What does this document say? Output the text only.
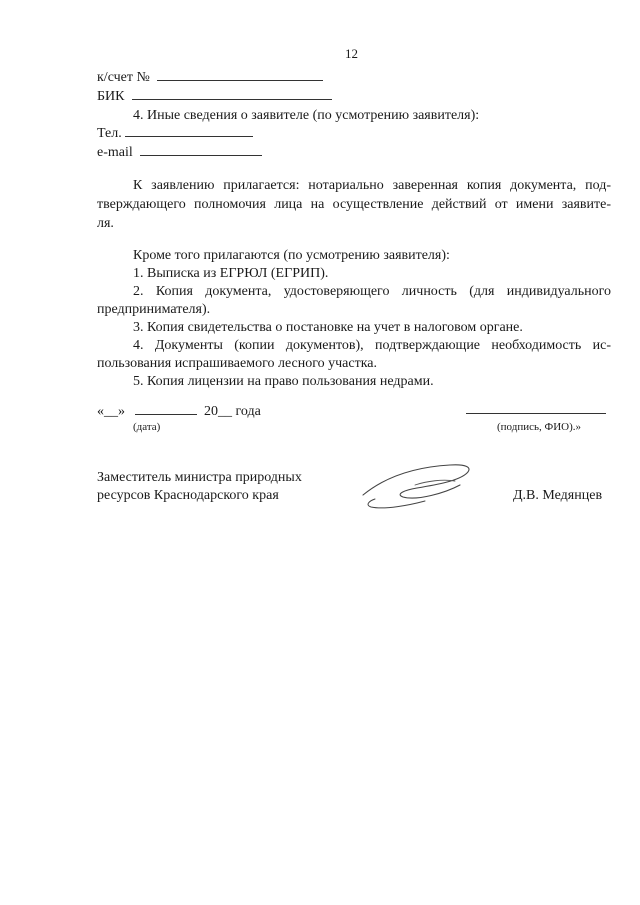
12
к/счет №
БИК
4. Иные сведения о заявителе (по усмотрению заявителя):
Тел.
e-mail
К заявлению прилагается: нотариально заверенная копия документа, под-
тверждающего полномочия лица на осуществление действий от имени заявите-
ля.
Кроме того прилагаются (по усмотрению заявителя):
1. Выписка из ЕГРЮЛ (ЕГРИП).
2. Копия документа, удостоверяющего личность (для индивидуального
предпринимателя).
3. Копия свидетельства о постановке на учет в налоговом органе.
4. Документы (копии документов), подтверждающие необходимость ис-
пользования испрашиваемого лесного участка.
5. Копия лицензии на право пользования недрами.
«__»	20__ года
(дата)	(подпись, ФИО).»
Заместитель министра природных
ресурсов Краснодарского края	Д.В. Медянцев
